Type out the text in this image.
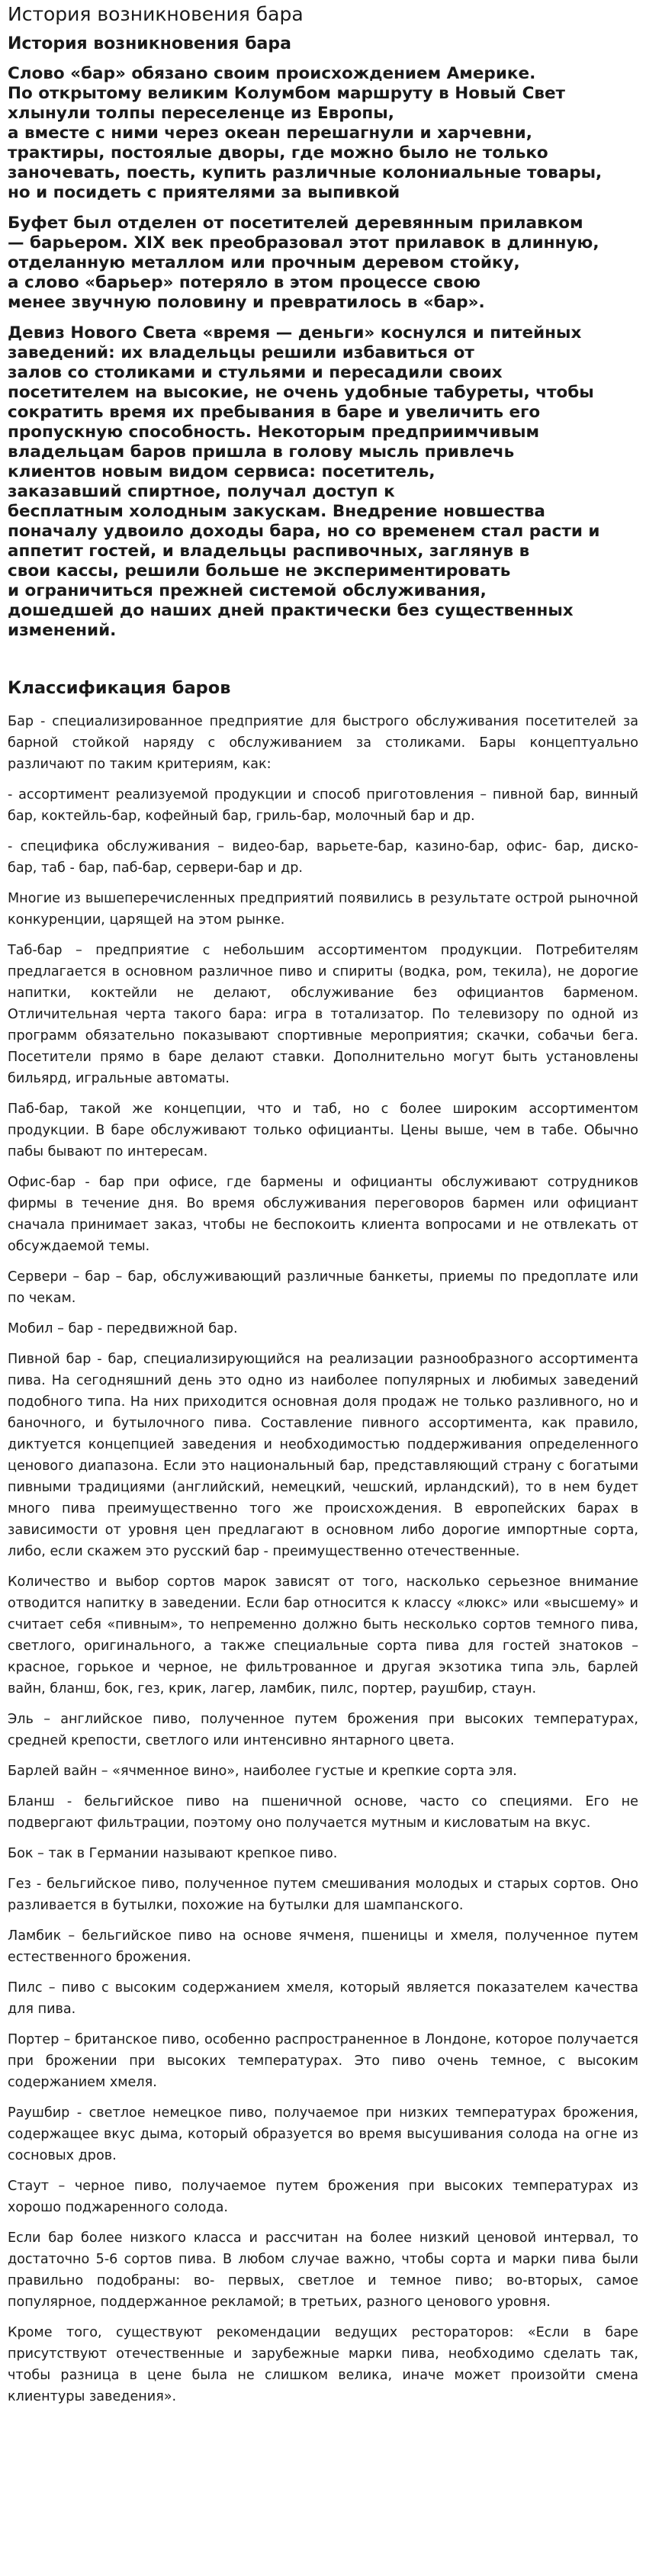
История возникновения бара
История возникновения бара

Слово «бар» обязано своим происхождением Америке.
По открытому великим Колумбом маршруту в Новый Свет
хлынули толпы переселенце из Европы,
а вместе с ними через океан перешагнули и харчевни,
трактиры, постоялые дворы, где можно было не только
заночевать, поесть, купить различные колониальные товары,
но и посидеть с приятелями за выпивкой

Буфет был отделен от посетителей деревянным прилавком
— барьером. XIX век преобразовал этот прилавок в длинную,
отделанную металлом или прочным деревом стойку,
а слово «барьер» потеряло в этом процессе свою
менее звучную половину и превратилось в «бар».

Девиз Нового Света «время — деньги» коснулся и питейных
заведений: их владельцы решили избавиться от
залов со столиками и стульями и пересадили своих
посетителем на высокие, не очень удобные табуреты, чтобы
сократить время их пребывания в баре и увеличить его
пропускную способность. Некоторым предприимчивым
владельцам баров пришла в голову мысль привлечь
клиентов новым видом сервиса: посетитель,
заказавший спиртное, получал доступ к
бесплатным холодным закускам. Внедрение новшества
поначалу удвоило доходы бара, но со временем стал расти и
аппетит гостей, и владельцы распивочных, заглянув в
свои кассы, решили больше не экспериментировать
и ограничиться прежней системой обслуживания,
дошедшей до наших дней практически без существенных
изменений.

Классификация баров

Бар - специализированное предприятие для быстрого обслуживания посетителей за барной стойкой наряду с обслуживанием за столиками. Бары концептуально различают по таким критериям, как:

- ассортимент реализуемой продукции и способ приготовления – пивной бар, винный бар, коктейль-бар, кофейный бар, гриль-бар, молочный бар и др.

- специфика обслуживания – видео-бар, варьете-бар, казино-бар, офис- бар, диско- бар, таб - бар, паб-бар, сервери-бар и др.

Многие из вышеперечисленных предприятий появились в результате острой рыночной конкуренции, царящей на этом рынке.

Таб-бар – предприятие с небольшим ассортиментом продукции. Потребителям предлагается в основном различное пиво и спириты (водка, ром, текила), не дорогие напитки, коктейли не делают, обслуживание без официантов барменом. Отличительная черта такого бара: игра в тотализатор. По телевизору по одной из программ обязательно показывают спортивные мероприятия; скачки, собачьи бега. Посетители прямо в баре делают ставки. Дополнительно могут быть установлены бильярд, игральные автоматы.

Паб-бар, такой же концепции, что и таб, но с более широким ассортиментом продукции. В баре обслуживают только официанты. Цены выше, чем в табе. Обычно пабы бывают по интересам.

Офис-бар - бар при офисе, где бармены и официанты обслуживают сотрудников фирмы в течение дня. Во время обслуживания переговоров бармен или официант сначала принимает заказ, чтобы не беспокоить клиента вопросами и не отвлекать от обсуждаемой темы.

Сервери – бар – бар, обслуживающий различные банкеты, приемы по предоплате или по чекам.

Мобил – бар - передвижной бар.

Пивной бар - бар, специализирующийся на реализации разнообразного ассортимента пива. На сегодняшний день это одно из наиболее популярных и любимых заведений подобного типа. На них приходится основная доля продаж не только разливного, но и баночного, и бутылочного пива. Составление пивного ассортимента, как правило, диктуется концепцией заведения и необходимостью поддерживания определенного ценового диапазона. Если это национальный бар, представляющий страну с богатыми пивными традициями (английский, немецкий, чешский, ирландский), то в нем будет много пива преимущественно того же происхождения. В европейских барах в зависимости от уровня цен предлагают в основном либо дорогие импортные сорта, либо, если скажем это русский бар - преимущественно отечественные.

Количество и выбор сортов марок зависят от того, насколько серьезное внимание отводится напитку в заведении. Если бар относится к классу «люкс» или «высшему» и считает себя «пивным», то непременно должно быть несколько сортов темного пива, светлого, оригинального, а также специальные сорта пива для гостей знатоков – красное, горькое и черное, не фильтрованное и другая экзотика типа эль, барлей вайн, бланш, бок, гез, крик, лагер, ламбик, пилс, портер, раушбир, стаун.

Эль – английское пиво, полученное путем брожения при высоких температурах, средней крепости, светлого или интенсивно янтарного цвета.

Барлей вайн – «ячменное вино», наиболее густые и крепкие сорта эля.

Бланш - бельгийское пиво на пшеничной основе, часто со специями. Его не подвергают фильтрации, поэтому оно получается мутным и кисловатым на вкус.

Бок – так в Германии называют крепкое пиво.

Гез - бельгийское пиво, полученное путем смешивания молодых и старых сортов. Оно разливается в бутылки, похожие на бутылки для шампанского.

Ламбик – бельгийское пиво на основе ячменя, пшеницы и хмеля, полученное путем естественного брожения.

Пилс – пиво с высоким содержанием хмеля, который является показателем качества для пива.

Портер – британское пиво, особенно распространенное в Лондоне, которое получается при брожении при высоких температурах. Это пиво очень темное, с высоким содержанием хмеля.

Раушбир - светлое немецкое пиво, получаемое при низких температурах брожения, содержащее вкус дыма, который образуется во время высушивания солода на огне из сосновых дров.

Стаут – черное пиво, получаемое путем брожения при высоких температурах из хорошо поджаренного солода.

Если бар более низкого класса и рассчитан на более низкий ценовой интервал, то достаточно 5-6 сортов пива. В любом случае важно, чтобы сорта и марки пива были правильно подобраны: во- первых, светлое и темное пиво; во-вторых, самое популярное, поддержанное рекламой; в третьих, разного ценового уровня.

Кроме того, существуют рекомендации ведущих рестораторов: «Если в баре присутствуют отечественные и зарубежные марки пива, необходимо сделать так, чтобы разница в цене была не слишком велика, иначе может произойти смена клиентуры заведения».
